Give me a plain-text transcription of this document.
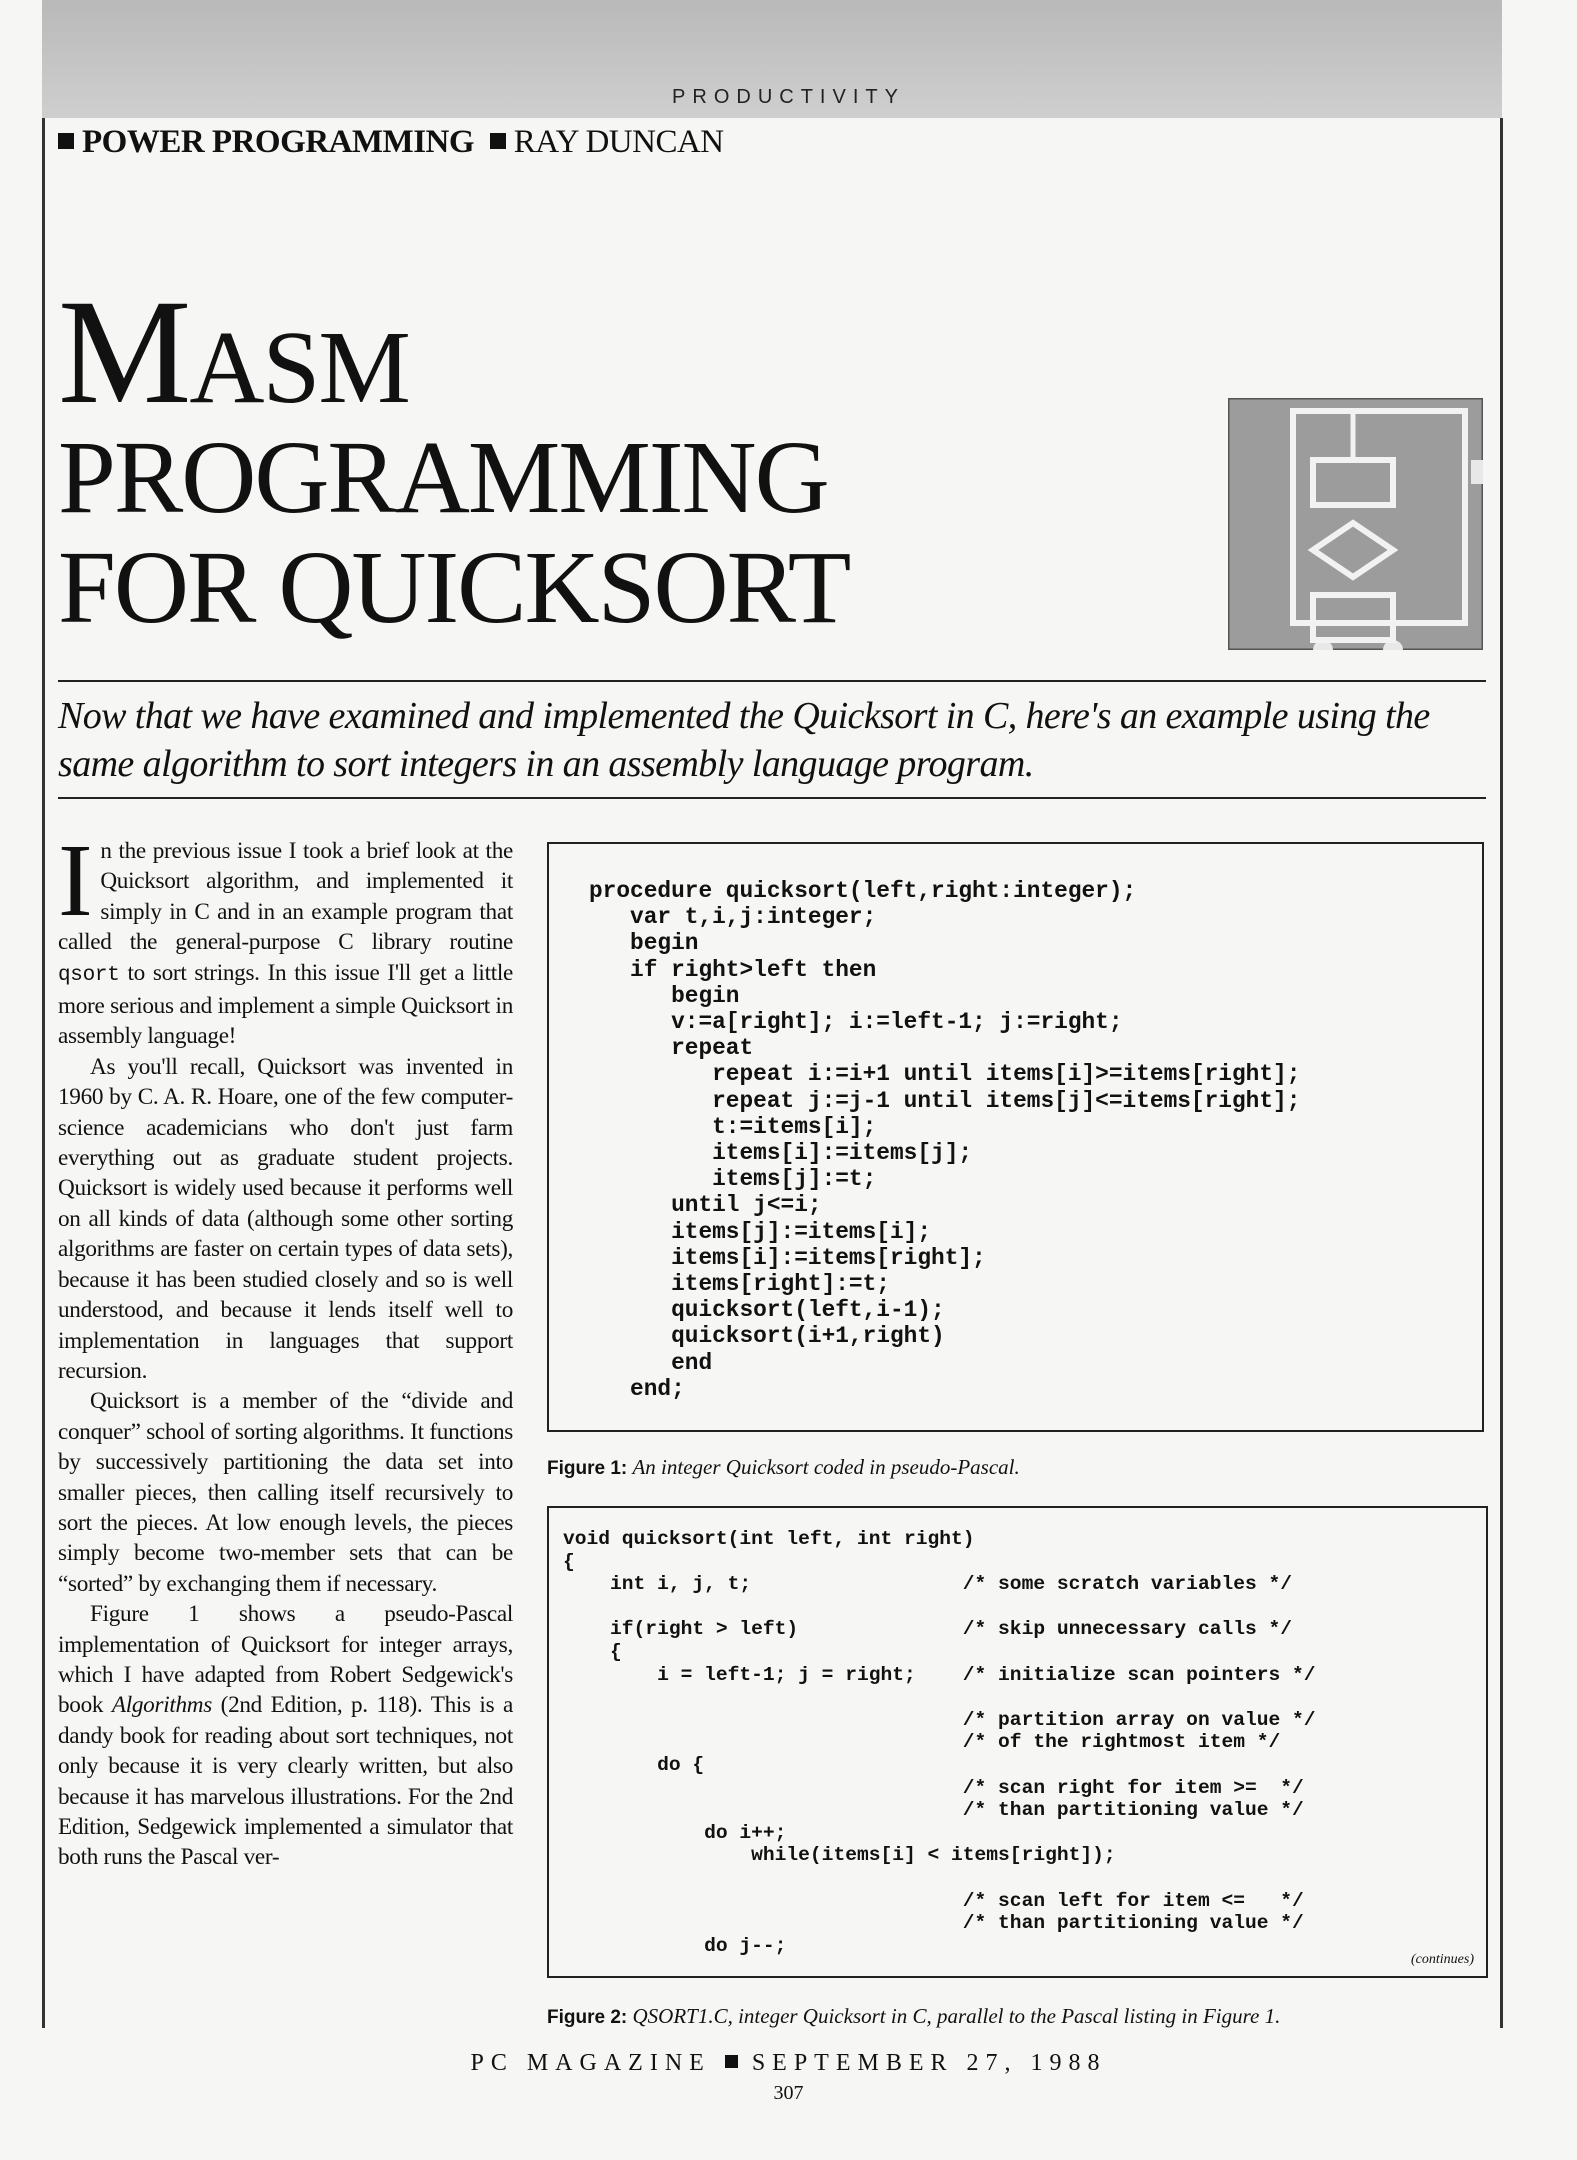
PRODUCTIVITY
POWER PROGRAMMING RAY DUNCAN
MASM
PROGRAMMING
FOR QUICKSORT
Now that we have examined and implemented the Quicksort in C, here's an example using the same algorithm to sort integers in an assembly language program.

In the previous issue I took a brief look at the Quicksort algorithm, and implemented it simply in C and in an example program that called the general-purpose C library routine qsort to sort strings. In this issue I'll get a little more serious and implement a simple Quicksort in assembly language!

As you'll recall, Quicksort was invented in 1960 by C. A. R. Hoare, one of the few computer-science academicians who don't just farm everything out as graduate student projects. Quicksort is widely used because it performs well on all kinds of data (although some other sorting algorithms are faster on certain types of data sets), because it has been studied closely and so is well understood, and because it lends itself well to implementation in languages that support recursion.

Quicksort is a member of the “divide and conquer” school of sorting algorithms. It functions by successively partitioning the data set into smaller pieces, then calling itself recursively to sort the pieces. At low enough levels, the pieces simply become two-member sets that can be “sorted” by exchanging them if necessary.

Figure 1 shows a pseudo-Pascal implementation of Quicksort for integer arrays, which I have adapted from Robert Sedgewick's book Algorithms (2nd Edition, p. 118). This is a dandy book for reading about sort techniques, not only because it is very clearly written, but also because it has marvelous illustrations. For the 2nd Edition, Sedgewick implemented a simulator that both runs the Pascal ver-

procedure quicksort(left,right:integer);
var t,i,j:integer;
begin
if right>left then
begin
v:=a[right]; i:=left-1; j:=right;
repeat
repeat i:=i+1 until items[i]>=items[right];
repeat j:=j-1 until items[j]<=items[right];
t:=items[i];
items[i]:=items[j];
items[j]:=t;
until j<=i;
items[j]:=items[i];
items[i]:=items[right];
items[right]:=t;
quicksort(left,i-1);
quicksort(i+1,right)
end
end;
Figure 1: An integer Quicksort coded in pseudo-Pascal.
void quicksort(int left, int right)
{
int i, j, t;                  /* some scratch variables */

if(right > left)              /* skip unnecessary calls */
{
i = left-1; j = right;    /* initialize scan pointers */

/* partition array on value */
/* of the rightmost item */
do {
/* scan right for item >=  */
/* than partitioning value */
do i++;
while(items[i] < items[right]);

/* scan left for item <=   */
/* than partitioning value */
do j--;
(continues)
Figure 2: QSORT1.C, integer Quicksort in C, parallel to the Pascal listing in Figure 1.
PC MAGAZINE SEPTEMBER 27, 1988
307
